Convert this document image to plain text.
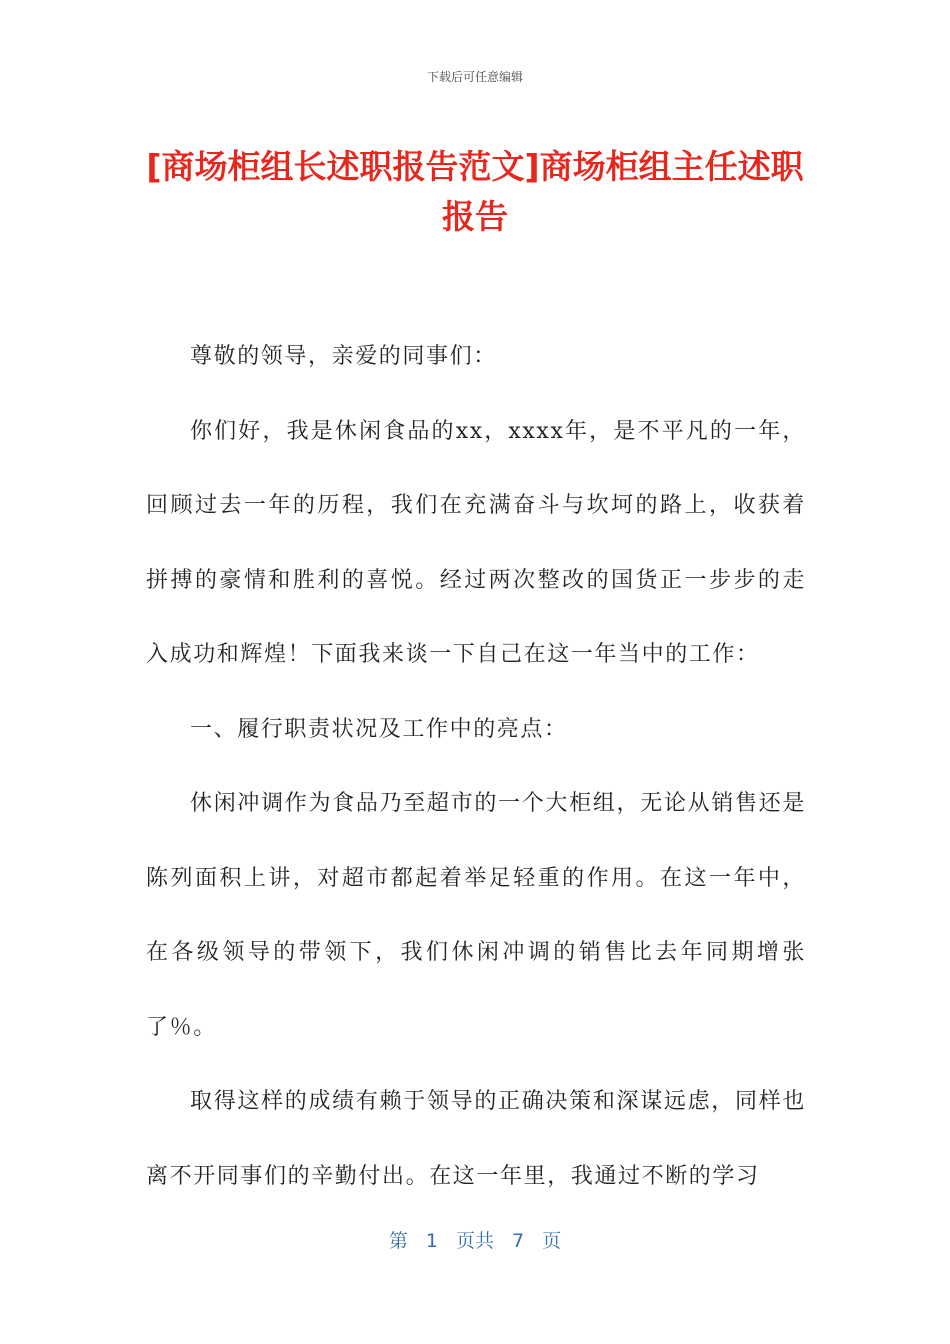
下载后可任意编辑
[商场柜组长述职报告范文]商场柜组主任述职报告

尊敬的领导，亲爱的同事们：

你们好，我是休闲食品的xx，xxxx年，是不平凡的一年，回顾过去一年的历程，我们在充满奋斗与坎坷的路上，收获着拼搏的豪情和胜利的喜悦。经过两次整改的国货正一步步的走入成功和辉煌！下面我来谈一下自己在这一年当中的工作：

一、履行职责状况及工作中的亮点：

休闲冲调作为食品乃至超市的一个大柜组，无论从销售还是陈列面积上讲，对超市都起着举足轻重的作用。在这一年中，在各级领导的带领下，我们休闲冲调的销售比去年同期增张了％。

取得这样的成绩有赖于领导的正确决策和深谋远虑，同样也离不开同事们的辛勤付出。在这一年里，我通过不断的学习

第 1 页共 7 页
